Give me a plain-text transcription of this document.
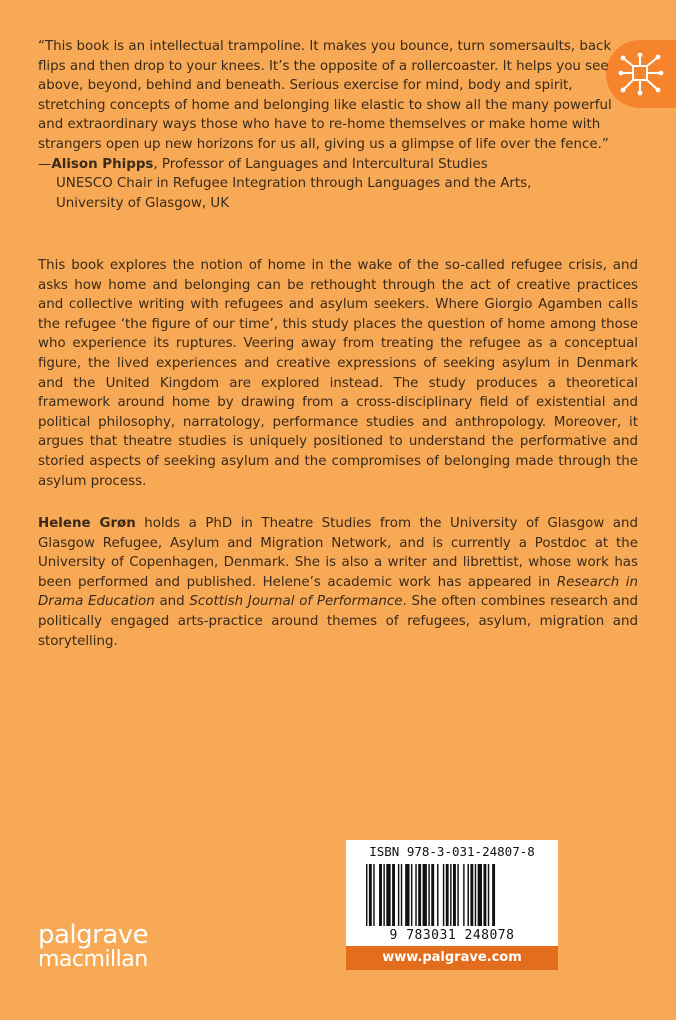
“This book is an intellectual trampoline. It makes you bounce, turn somersaults, back flips and then drop to your knees. It’s the opposite of a rollercoaster. It helps you see above, beyond, behind and beneath. Serious exercise for mind, body and spirit, stretching concepts of home and belonging like elastic to show all the many powerful and extraordinary ways those who have to re-home themselves or make home with strangers open up new horizons for us all, giving us a glimpse of life over the fence.”

—Alison Phipps, Professor of Languages and Intercultural Studies
UNESCO Chair in Refugee Integration through Languages and the Arts,
University of Glasgow, UK

This book explores the notion of home in the wake of the so-called refugee crisis, and asks how home and belonging can be rethought through the act of creative practices and collective writing with refugees and asylum seekers. Where Giorgio Agamben calls the refugee ‘the figure of our time’, this study places the question of home among those who experience its ruptures. Veering away from treating the refugee as a conceptual figure, the lived experiences and creative expressions of seeking asylum in Denmark and the United Kingdom are explored instead. The study produces a theoretical framework around home by drawing from a cross-disciplinary field of existential and political philosophy, narratology, performance studies and anthropology. Moreover, it argues that theatre studies is uniquely positioned to understand the performative and storied aspects of seeking asylum and the compromises of belonging made through the asylum process.
Helene Grøn holds a PhD in Theatre Studies from the University of Glasgow and Glasgow Refugee, Asylum and Migration Network, and is currently a Postdoc at the University of Copenhagen, Denmark. She is also a writer and librettist, whose work has been performed and published. Helene’s academic work has appeared in Research in Drama Education and Scottish Journal of Performance. She often combines research and politically engaged arts-practice around themes of refugees, asylum, migration and storytelling.
palgrave
macmillan
ISBN 978-3-031-24807-8
9 783031 248078
www.palgrave.com
